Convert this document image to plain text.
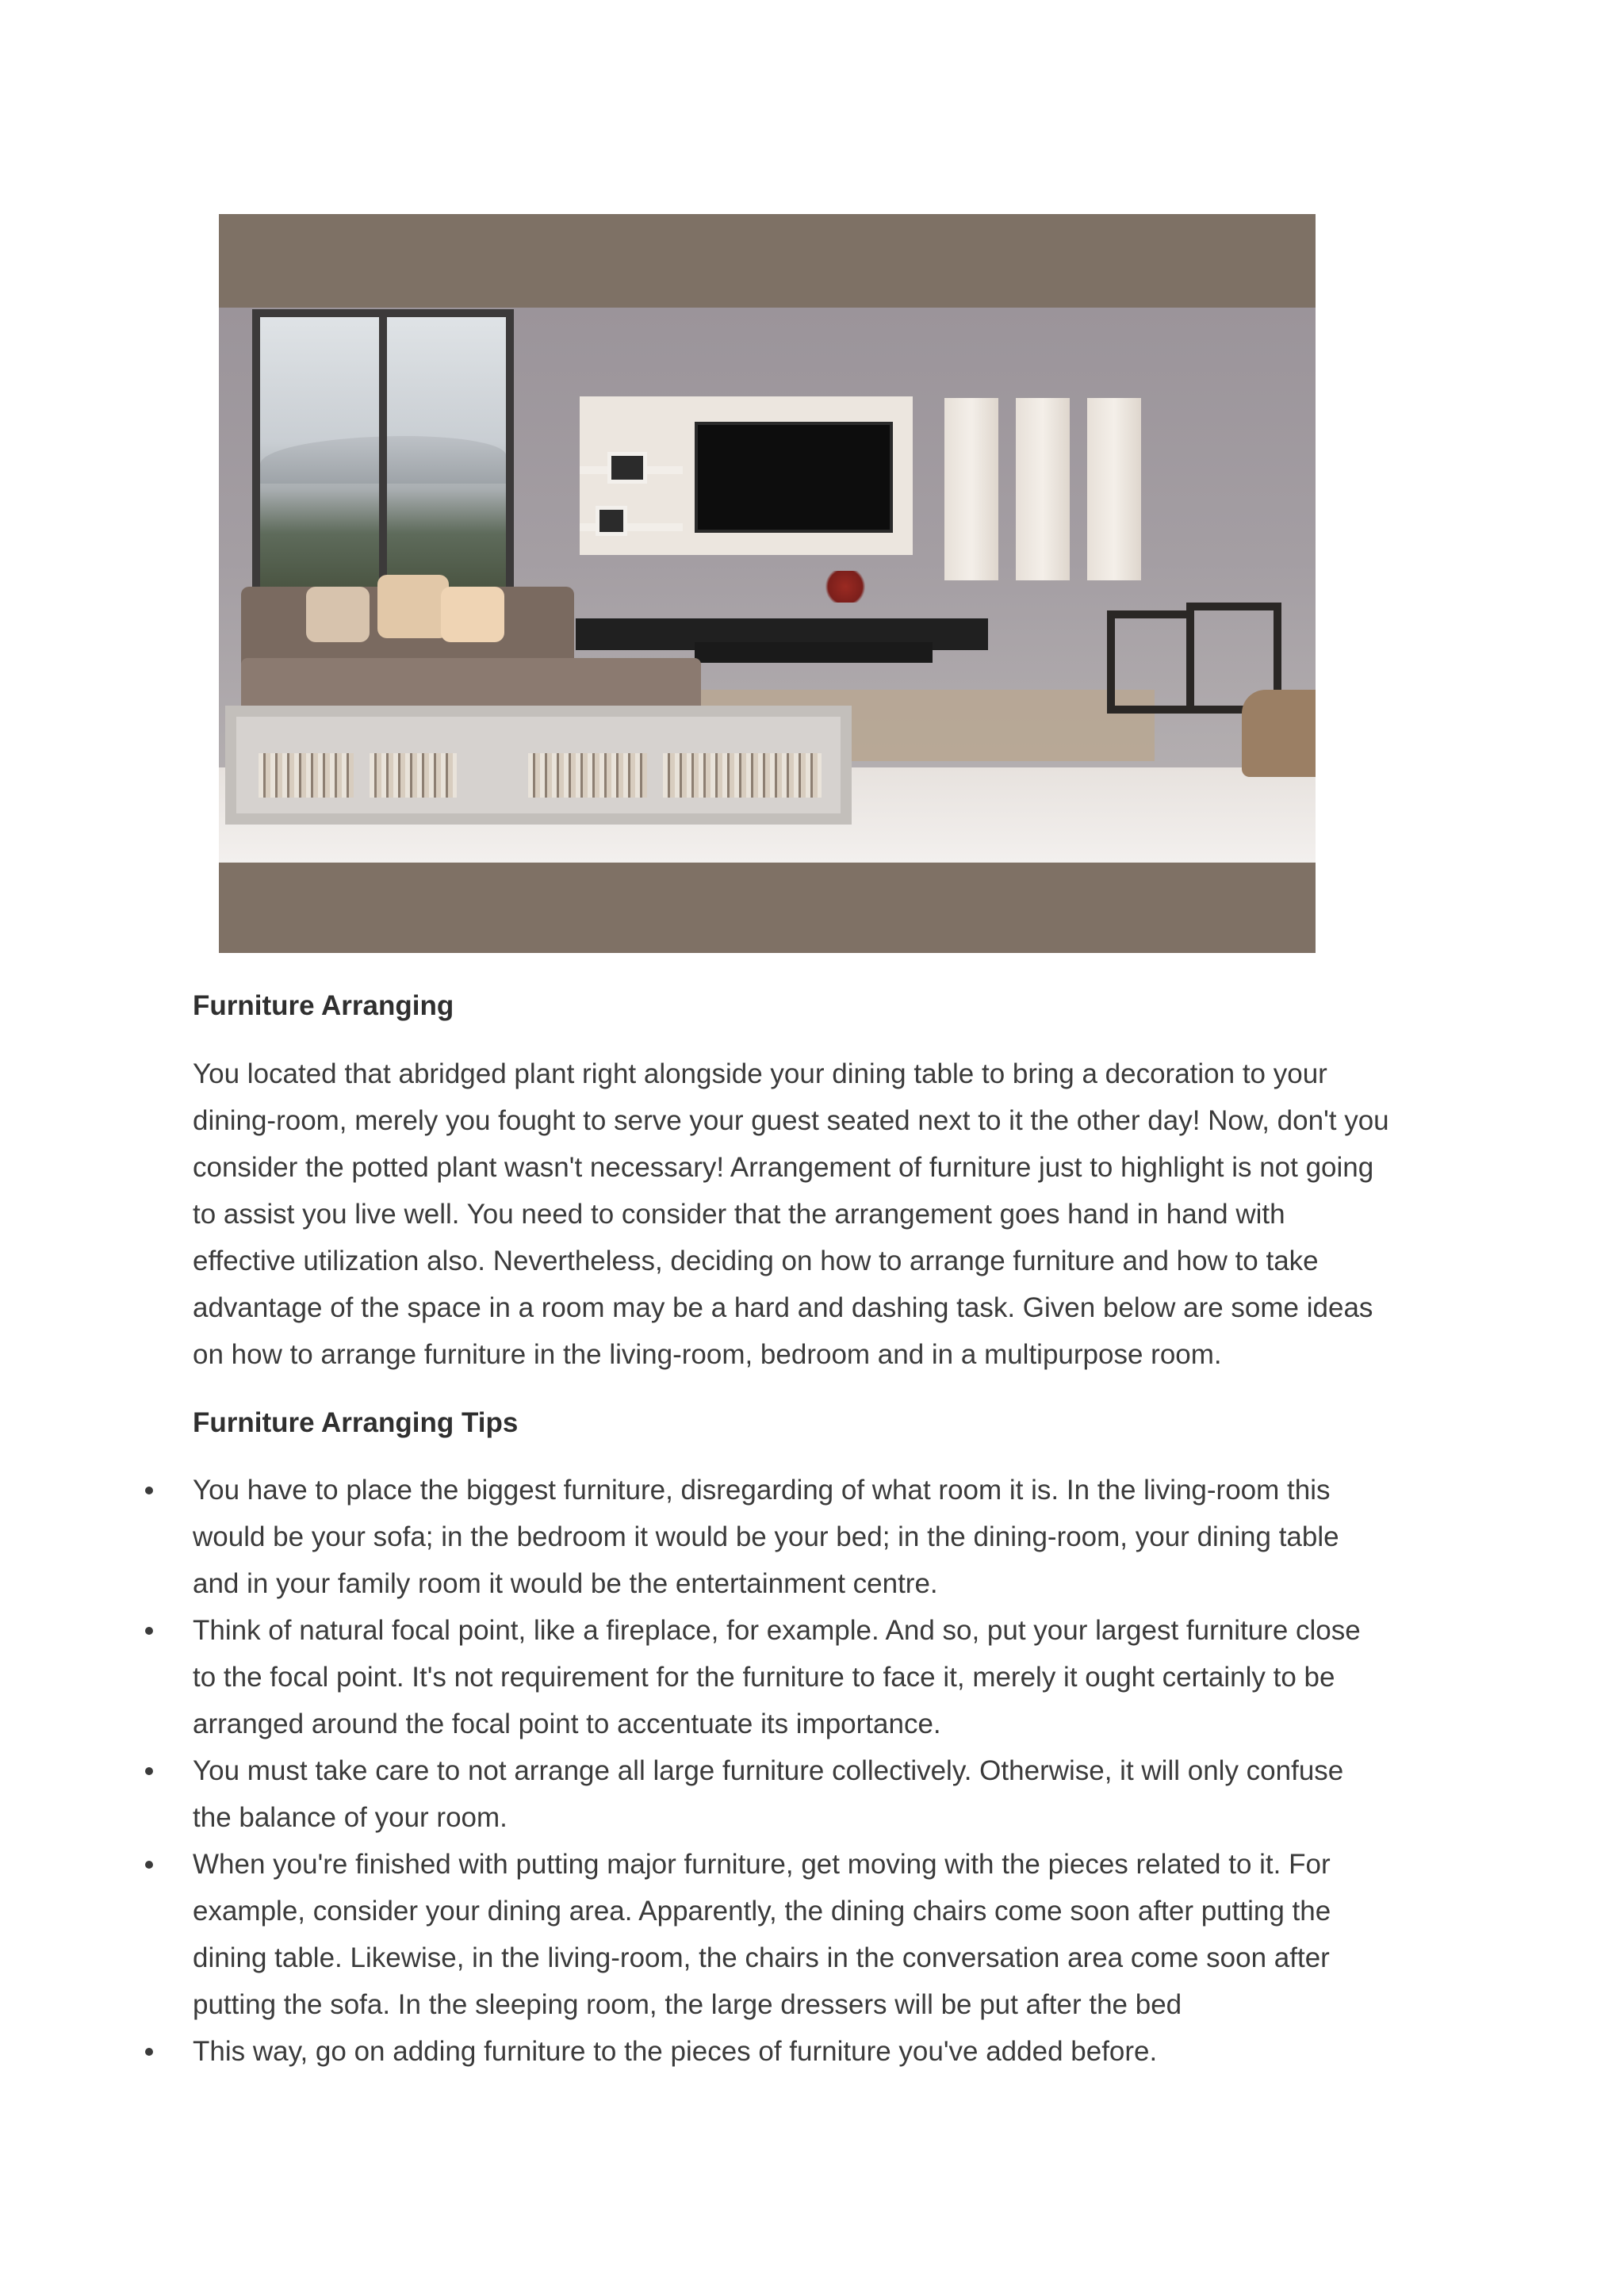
Furniture Arranging
You located that abridged plant right alongside your dining table to bring a decoration to your
dining-room, merely you fought to serve your guest seated next to it the other day! Now, don't you
consider the potted plant wasn't necessary! Arrangement of furniture just to highlight is not going
to assist you live well. You need to consider that the arrangement goes hand in hand with
effective utilization also. Nevertheless, deciding on how to arrange furniture and how to take
advantage of the space in a room may be a hard and dashing task. Given below are some ideas
on how to arrange furniture in the living-room, bedroom and in a multipurpose room.
Furniture Arranging Tips
You have to place the biggest furniture, disregarding of what room it is. In the living-room this
would be your sofa; in the bedroom it would be your bed; in the dining-room, your dining table
and in your family room it would be the entertainment centre.
Think of natural focal point, like a fireplace, for example. And so, put your largest furniture close
to the focal point. It's not requirement for the furniture to face it, merely it ought certainly to be
arranged around the focal point to accentuate its importance.
You must take care to not arrange all large furniture collectively. Otherwise, it will only confuse
the balance of your room.
When you're finished with putting major furniture, get moving with the pieces related to it. For
example, consider your dining area. Apparently, the dining chairs come soon after putting the
dining table. Likewise, in the living-room, the chairs in the conversation area come soon after
putting the sofa. In the sleeping room, the large dressers will be put after the bed
This way, go on adding furniture to the pieces of furniture you've added before.
